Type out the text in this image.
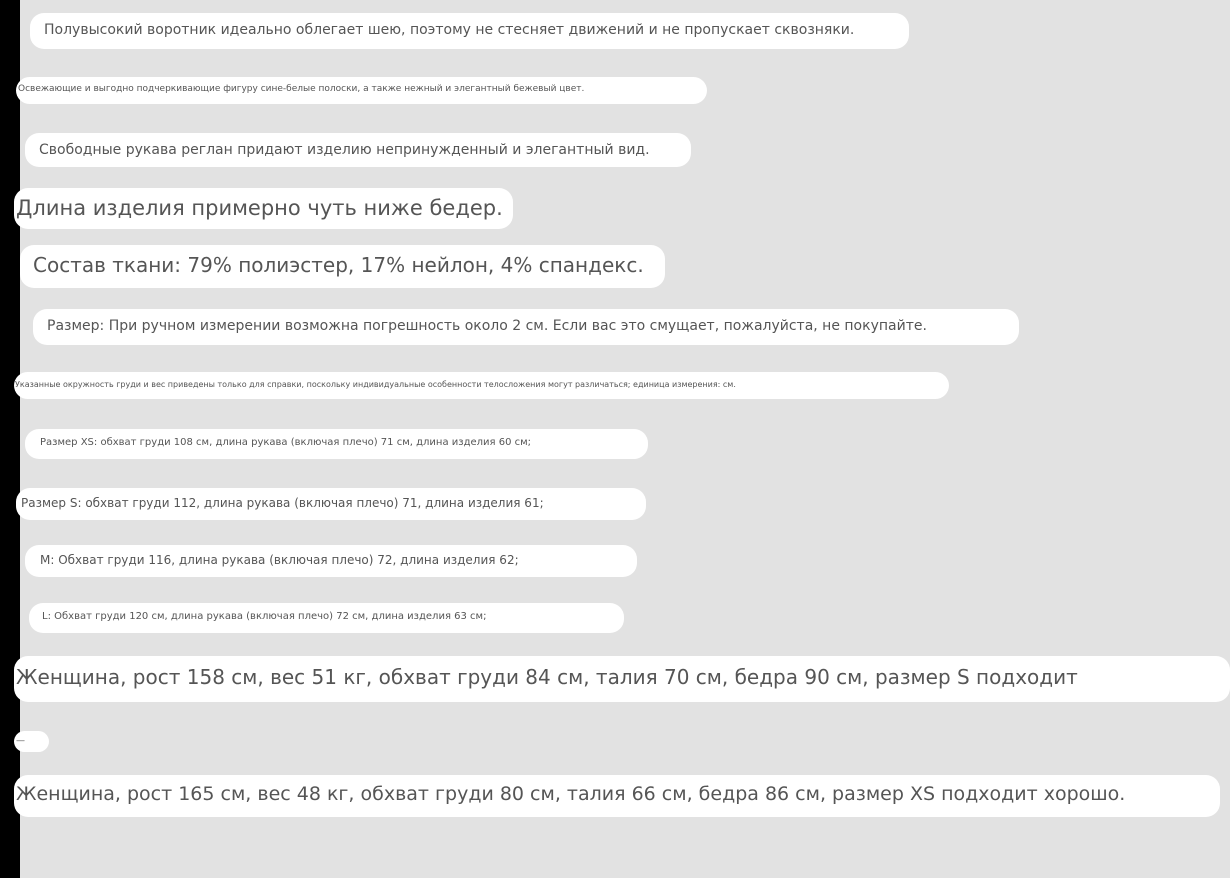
Полувысокий воротник идеально облегает шею, поэтому не стесняет движений и не пропускает сквозняки.
Освежающие и выгодно подчеркивающие фигуру сине-белые полоски, а также нежный и элегантный бежевый цвет.
Свободные рукава реглан придают изделию непринужденный и элегантный вид.
Длина изделия примерно чуть ниже бедер.
Состав ткани: 79% полиэстер, 17% нейлон, 4% спандекс.
Размер: При ручном измерении возможна погрешность около 2 см. Если вас это смущает, пожалуйста, не покупайте.
Указанные окружность груди и вес приведены только для справки, поскольку индивидуальные особенности телосложения могут различаться; единица измерения: см.
Размер XS: обхват груди 108 см, длина рукава (включая плечо) 71 см, длина изделия 60 см;
Размер S: обхват груди 112, длина рукава (включая плечо) 71, длина изделия 61;
M: Обхват груди 116, длина рукава (включая плечо) 72, длина изделия 62;
L: Обхват груди 120 см, длина рукава (включая плечо) 72 см, длина изделия 63 см;
Женщина, рост 158 см, вес 51 кг, обхват груди 84 см, талия 70 см, бедра 90 см, размер S подходит
—
Женщина, рост 165 см, вес 48 кг, обхват груди 80 см, талия 66 см, бедра 86 см, размер XS подходит хорошо.
